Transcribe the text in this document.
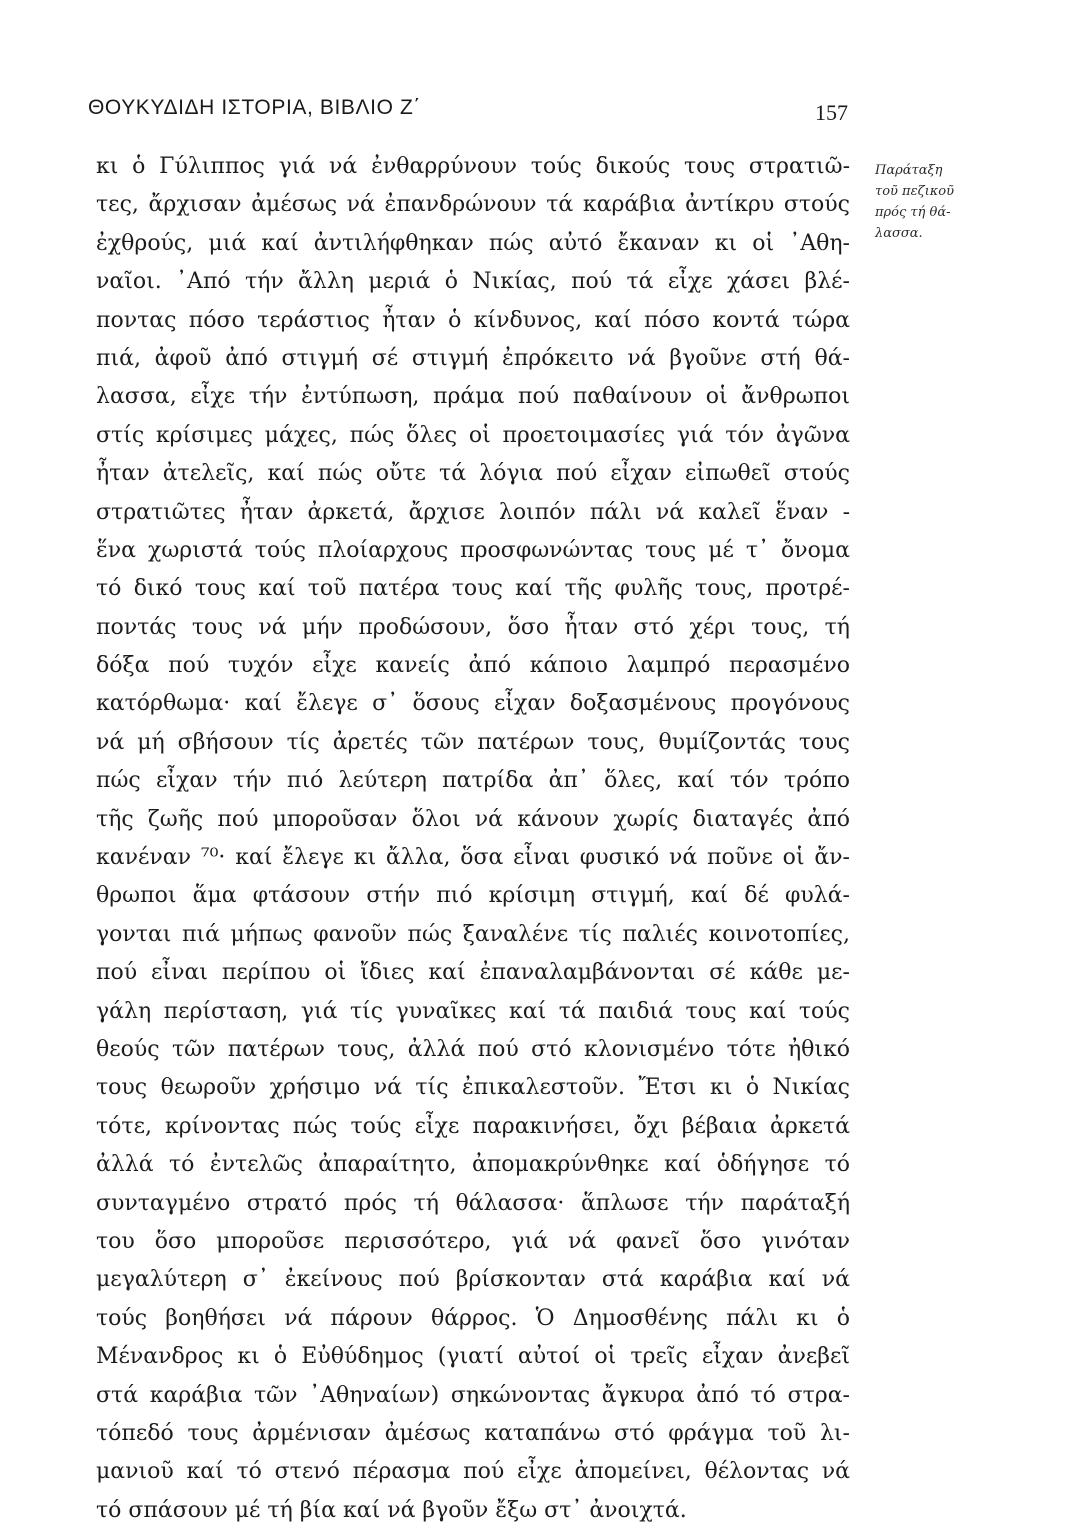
ΘΟΥΚΥΔΙΔΗ ΙΣΤΟΡΙΑ, ΒΙΒΛΙΟ Ζ΄	157
Παράταξη
τοῦ πεζικοῦ
πρός τή θά-
λασσα.
κι ὁ Γύλιππος γιά νά ἐνθαρρύνουν τούς δικούς τους στρατιῶ-
τες, ἄρχισαν ἀμέσως νά ἐπανδρώνουν τά καράβια ἀντίκρυ στούς
ἐχθρούς, μιά καί ἀντιλήφθηκαν πώς αὐτό ἔκαναν κι οἱ ᾿Αθη-
ναῖοι. ᾿Από τήν ἄλλη μεριά ὁ Νικίας, πού τά εἶχε χάσει βλέ-
ποντας πόσο τεράστιος ἦταν ὁ κίνδυνος, καί πόσο κοντά τώρα
πιά, ἀφοῦ ἀπό στιγμή σέ στιγμή ἐπρόκειτο νά βγοῦνε στή θά-
λασσα, εἶχε τήν ἐντύπωση, πράμα πού παθαίνουν οἱ ἄνθρωποι
στίς κρίσιμες μάχες, πώς ὅλες οἱ προετοιμασίες γιά τόν ἀγῶνα
ἦταν ἀτελεῖς, καί πώς οὔτε τά λόγια πού εἶχαν εἰπωθεῖ στούς
στρατιῶτες ἦταν ἀρκετά, ἄρχισε λοιπόν πάλι νά καλεῖ ἕναν -
ἕνα χωριστά τούς πλοίαρχους προσφωνώντας τους μέ τ᾿ ὄνομα
τό δικό τους καί τοῦ πατέρα τους καί τῆς φυλῆς τους, προτρέ-
ποντάς τους νά μήν προδώσουν, ὅσο ἦταν στό χέρι τους, τή
δόξα πού τυχόν εἶχε κανείς ἀπό κάποιο λαμπρό περασμένο
κατόρθωμα· καί ἔλεγε σ᾿ ὅσους εἶχαν δοξασμένους προγόνους
νά μή σβήσουν τίς ἀρετές τῶν πατέρων τους, θυμίζοντάς τους
πώς εἶχαν τήν πιό λεύτερη πατρίδα ἀπ᾿ ὅλες, καί τόν τρόπο
τῆς ζωῆς πού μποροῦσαν ὅλοι νά κάνουν χωρίς διαταγές ἀπό
κανέναν ⁷⁰· καί ἔλεγε κι ἄλλα, ὅσα εἶναι φυσικό νά ποῦνε οἱ ἄν-
θρωποι ἅμα φτάσουν στήν πιό κρίσιμη στιγμή, καί δέ φυλά-
γονται πιά μήπως φανοῦν πώς ξαναλένε τίς παλιές κοινοτοπίες,
πού εἶναι περίπου οἱ ἴδιες καί ἐπαναλαμβάνονται σέ κάθε με-
γάλη περίσταση, γιά τίς γυναῖκες καί τά παιδιά τους καί τούς
θεούς τῶν πατέρων τους, ἀλλά πού στό κλονισμένο τότε ἠθικό
τους θεωροῦν χρήσιμο νά τίς ἐπικαλεστοῦν. Ἔτσι κι ὁ Νικίας
τότε, κρίνοντας πώς τούς εἶχε παρακινήσει, ὄχι βέβαια ἀρκετά
ἀλλά τό ἐντελῶς ἀπαραίτητο, ἀπομακρύνθηκε καί ὁδήγησε τό
συνταγμένο στρατό πρός τή θάλασσα· ἅπλωσε τήν παράταξή
του ὅσο μποροῦσε περισσότερο, γιά νά φανεῖ ὅσο γινόταν
μεγαλύτερη σ᾿ ἐκείνους πού βρίσκονταν στά καράβια καί νά
τούς βοηθήσει νά πάρουν θάρρος. Ὁ Δημοσθένης πάλι κι ὁ
Μένανδρος κι ὁ Εὐθύδημος (γιατί αὐτοί οἱ τρεῖς εἶχαν ἀνεβεῖ
στά καράβια τῶν ᾿Αθηναίων) σηκώνοντας ἄγκυρα ἀπό τό στρα-
τόπεδό τους ἀρμένισαν ἀμέσως καταπάνω στό φράγμα τοῦ λι-
μανιοῦ καί τό στενό πέρασμα πού εἶχε ἀπομείνει, θέλοντας νά
τό σπάσουν μέ τή βία καί νά βγοῦν ἔξω στ᾿ ἀνοιχτά.
